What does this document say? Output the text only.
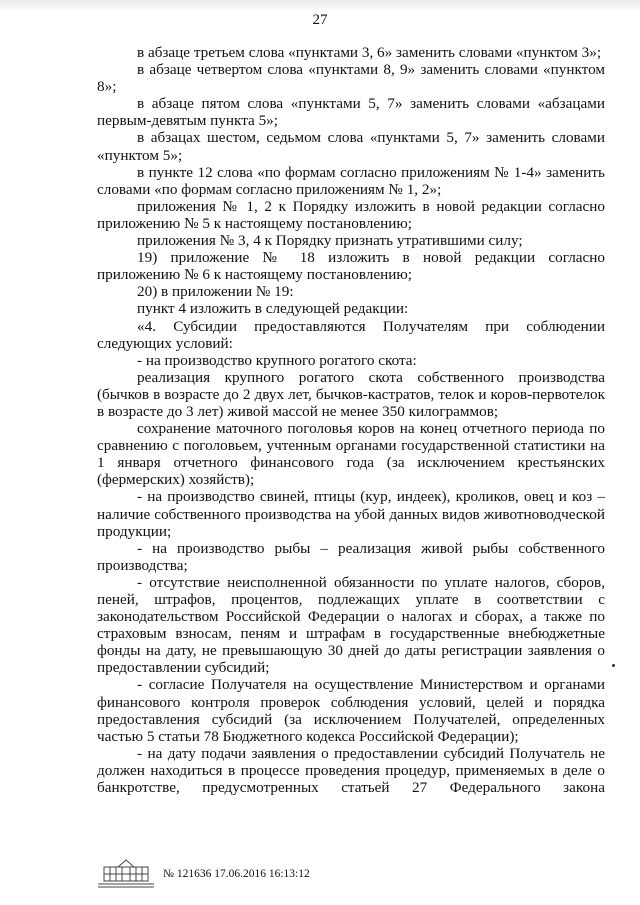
27

в абзаце третьем слова «пунктами 3, 6» заменить словами «пунктом 3»;

в абзаце четвертом слова «пунктами 8, 9» заменить словами «пунктом 8»;

в абзаце пятом слова «пунктами 5, 7» заменить словами «абзацами первым-девятым пункта 5»;

в абзацах шестом, седьмом слова «пунктами 5, 7» заменить словами «пунктом 5»;

в пункте 12 слова «по формам согласно приложениям № 1-4» заменить словами «по формам согласно приложениям № 1, 2»;

приложения № 1, 2 к Порядку изложить в новой редакции согласно приложению № 5 к настоящему постановлению;

приложения № 3, 4 к Порядку признать утратившими силу;

19) приложение № 18 изложить в новой редакции согласно приложению № 6 к настоящему постановлению;

20) в приложении № 19:

пункт 4 изложить в следующей редакции:

«4. Субсидии предоставляются Получателям при соблюдении следующих условий:

- на производство крупного рогатого скота:

реализация крупного рогатого скота собственного производства (бычков в возрасте до 2 двух лет, бычков-кастратов, телок и коров-первотелок в возрасте до 3 лет) живой массой не менее 350 килограммов;

сохранение маточного поголовья коров на конец отчетного периода по сравнению с поголовьем, учтенным органами государственной статистики на 1 января отчетного финансового года (за исключением крестьянских (фермерских) хозяйств);

- на производство свиней, птицы (кур, индеек), кроликов, овец и коз – наличие собственного производства на убой данных видов животноводческой продукции;

- на производство рыбы – реализация живой рыбы собственного производства;

- отсутствие неисполненной обязанности по уплате налогов, сборов, пеней, штрафов, процентов, подлежащих уплате в соответствии с законодательством Российской Федерации о налогах и сборах, а также по страховым взносам, пеням и штрафам в государственные внебюджетные фонды на дату, не превышающую 30 дней до даты регистрации заявления о предоставлении субсидий;

- согласие Получателя на осуществление Министерством и органами финансового контроля проверок соблюдения условий, целей и порядка предоставления субсидий (за исключением Получателей, определенных частью 5 статьи 78 Бюджетного кодекса Российской Федерации);

- на дату подачи заявления о предоставлении субсидий Получатель не должен находиться в процессе проведения процедур, применяемых в деле о банкротстве, предусмотренных статьей 27 Федерального закона

№ 121636 17.06.2016 16:13:12
